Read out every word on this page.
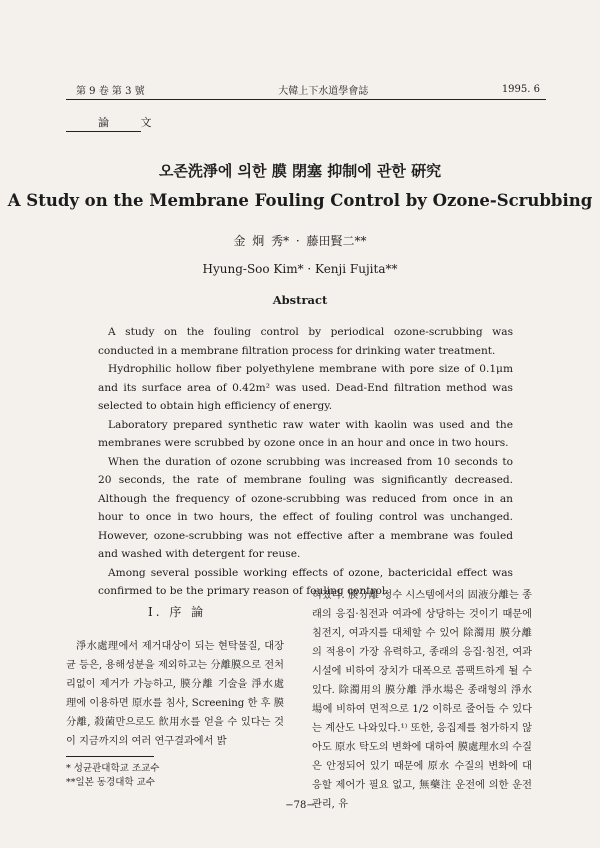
第 9 卷 第 3 號	大韓上下水道學會誌	1995. 6
論 文
오존洗淨에 의한 膜 閉塞 抑制에 관한 硏究
A Study on the Membrane Fouling Control by Ozone-Scrubbing
金 炯 秀* · 藤田賢二**
Hyung-Soo Kim* · Kenji Fujita**
Abstract

A study on the fouling control by periodical ozone-scrubbing was conducted in a membrane filtration process for drinking water treatment.

Hydrophilic hollow fiber polyethylene membrane with pore size of 0.1μm and its surface area of 0.42m² was used. Dead-End filtration method was selected to obtain high efficiency of energy.

Laboratory prepared synthetic raw water with kaolin was used and the membranes were scrubbed by ozone once in an hour and once in two hours.

When the duration of ozone scrubbing was increased from 10 seconds to 20 seconds, the rate of membrane fouling was significantly decreased. Although the frequency of ozone-scrubbing was reduced from once in an hour to once in two hours, the effect of fouling control was unchanged. However, ozone-scrubbing was not effective after a membrane was fouled and washed with detergent for reuse.

Among several possible working effects of ozone, bactericidal effect was confirmed to be the primary reason of fouling control.

Ⅰ. 序 論

淨水處理에서 제거대상이 되는 현탁물질, 대장균 등은, 용해성분을 제외하고는 分離膜으로 전처리없이 제거가 가능하고, 膜分離 기술을 淨水處理에 이용하면 原水를 침사, Screening 한 후 膜分離, 殺菌만으로도 飮用水를 얻을 수 있다는 것이 지금까지의 여러 연구결과에서 밝

혀졌다. 膜分離 정수 시스템에서의 固液分離는 종래의 응집·침전과 여과에 상당하는 것이기 때문에 침전지, 여과지를 대체할 수 있어 除濁用 膜分離의 적용이 가장 유력하고, 종래의 응집·침전, 여과시설에 비하여 장치가 대폭으로 콤팩트하게 될 수 있다. 除濁用의 膜分離 淨水場은 종래형의 淨水場에 비하여 면적으로 1/2 이하로 줄어들 수 있다는 계산도 나와있다.¹⁾ 또한, 응집제를 첨가하지 않아도 原水 탁도의 변화에 대하여 膜處理水의 수질은 안정되어 있기 때문에 原水 수질의 변화에 대응할 제어가 필요 없고, 無藥注 운전에 의한 운전관리, 유

* 성균관대학교 조교수
**일본 동경대학 교수
−78−
